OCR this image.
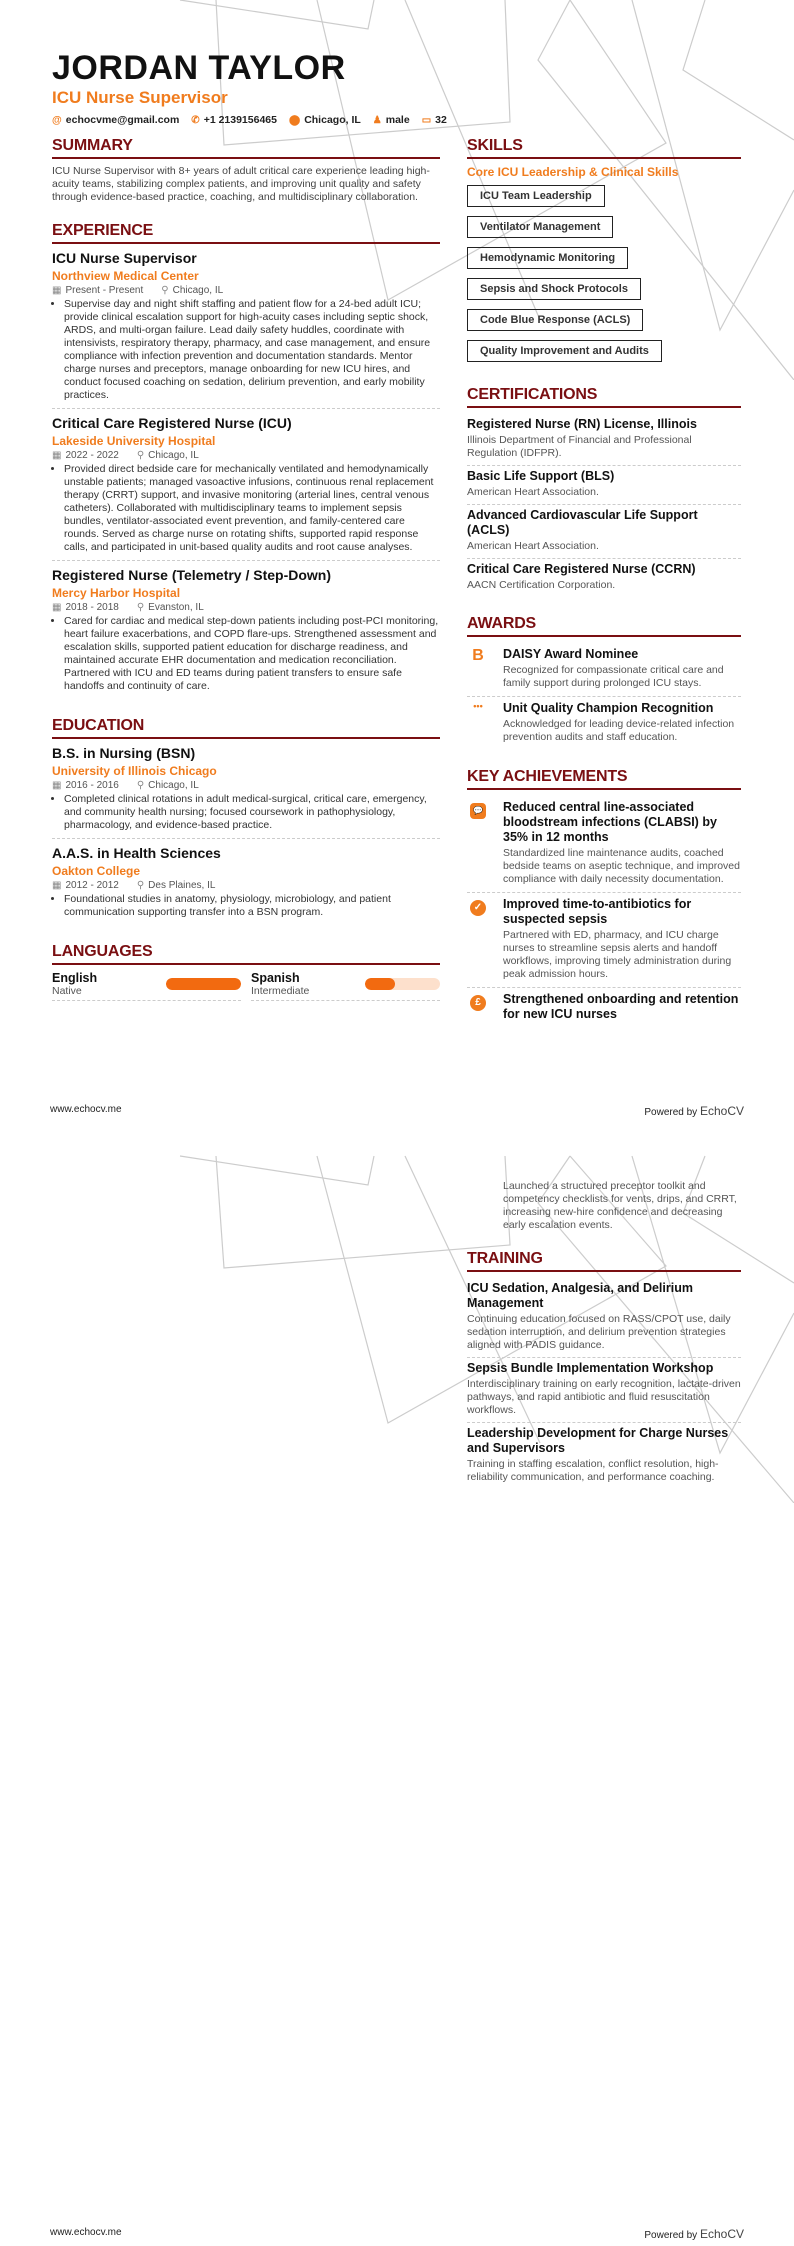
JORDAN TAYLOR
ICU Nurse Supervisor
@ echocvme@gmail.com ✆ +1 2139156465 ⬤ Chicago, IL ♟ male ▭ 32
SUMMARY

ICU Nurse Supervisor with 8+ years of adult critical care experience leading high-acuity teams, stabilizing complex patients, and improving unit quality and safety through evidence-based practice, coaching, and multidisciplinary collaboration.

EXPERIENCE
ICU Nurse Supervisor
Northview Medical Center
▦ Present - Present ⚲ Chicago, IL
• Supervise day and night shift staffing and patient flow for a 24-bed adult ICU; provide clinical escalation support for high-acuity cases including septic shock, ARDS, and multi-organ failure. Lead daily safety huddles, coordinate with intensivists, respiratory therapy, pharmacy, and case management, and ensure compliance with infection prevention and documentation standards. Mentor charge nurses and preceptors, manage onboarding for new ICU hires, and conduct focused coaching on sedation, delirium prevention, and early mobility practices.
Critical Care Registered Nurse (ICU)
Lakeside University Hospital
▦ 2022 - 2022 ⚲ Chicago, IL
• Provided direct bedside care for mechanically ventilated and hemodynamically unstable patients; managed vasoactive infusions, continuous renal replacement therapy (CRRT) support, and invasive monitoring (arterial lines, central venous catheters). Collaborated with multidisciplinary teams to implement sepsis bundles, ventilator-associated event prevention, and family-centered care rounds. Served as charge nurse on rotating shifts, supported rapid response calls, and participated in unit-based quality audits and root cause analyses.
Registered Nurse (Telemetry / Step-Down)
Mercy Harbor Hospital
▦ 2018 - 2018 ⚲ Evanston, IL
• Cared for cardiac and medical step-down patients including post-PCI monitoring, heart failure exacerbations, and COPD flare-ups. Strengthened assessment and escalation skills, supported patient education for discharge readiness, and maintained accurate EHR documentation and medication reconciliation. Partnered with ICU and ED teams during patient transfers to ensure safe handoffs and continuity of care.
EDUCATION
B.S. in Nursing (BSN)
University of Illinois Chicago
▦ 2016 - 2016 ⚲ Chicago, IL
• Completed clinical rotations in adult medical-surgical, critical care, emergency, and community health nursing; focused coursework in pathophysiology, pharmacology, and evidence-based practice.
A.A.S. in Health Sciences
Oakton College
▦ 2012 - 2012 ⚲ Des Plaines, IL
• Foundational studies in anatomy, physiology, microbiology, and patient communication supporting transfer into a BSN program.
LANGUAGES
English
Native
Spanish
Intermediate
SKILLS
Core ICU Leadership & Clinical Skills
ICU Team Leadership
Ventilator Management
Hemodynamic Monitoring
Sepsis and Shock Protocols
Code Blue Response (ACLS)
Quality Improvement and Audits

CERTIFICATIONS
Registered Nurse (RN) License, Illinois
Illinois Department of Financial and Professional Regulation (IDFPR).
Basic Life Support (BLS)
American Heart Association.
Advanced Cardiovascular Life Support (ACLS)
American Heart Association.
Critical Care Registered Nurse (CCRN)
AACN Certification Corporation.
AWARDS
B	DAISY Award Nominee
Recognized for compassionate critical care and family support during prolonged ICU stays.
•••	Unit Quality Champion Recognition
Acknowledged for leading device-related infection prevention audits and staff education.
KEY ACHIEVEMENTS
💬	Reduced central line-associated bloodstream infections (CLABSI) by 35% in 12 months
Standardized line maintenance audits, coached bedside teams on aseptic technique, and improved compliance with daily necessity documentation.
✓	Improved time-to-antibiotics for suspected sepsis
Partnered with ED, pharmacy, and ICU charge nurses to streamline sepsis alerts and handoff workflows, improving timely administration during peak admission hours.
£	Strengthened onboarding and retention for new ICU nurses
www.echocv.me	Powered by EchoCV

Launched a structured preceptor toolkit and competency checklists for vents, drips, and CRRT, increasing new-hire confidence and decreasing early escalation events.

TRAINING
ICU Sedation, Analgesia, and Delirium Management
Continuing education focused on RASS/CPOT use, daily sedation interruption, and delirium prevention strategies aligned with PADIS guidance.
Sepsis Bundle Implementation Workshop
Interdisciplinary training on early recognition, lactate-driven pathways, and rapid antibiotic and fluid resuscitation workflows.
Leadership Development for Charge Nurses and Supervisors
Training in staffing escalation, conflict resolution, high-reliability communication, and performance coaching.
www.echocv.me	Powered by EchoCV
